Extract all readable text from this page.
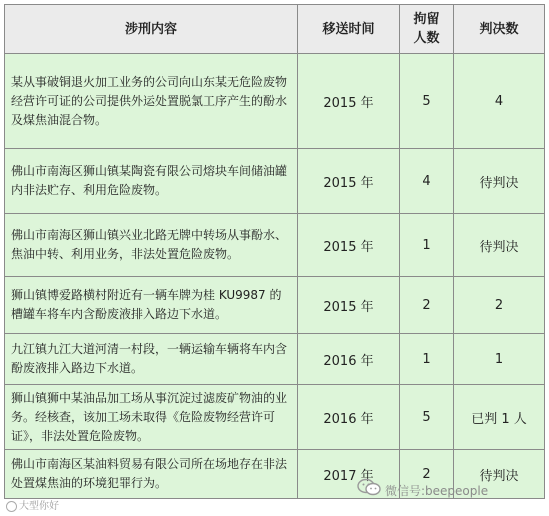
涉刑内容	移送时间	拘留人数	判决数
某从事破铜退火加工业务的公司向山东某无危险废物经营许可证的公司提供外运处置脱氯工序产生的酚水及煤焦油混合物。	2015 年	5	4
佛山市南海区狮山镇某陶瓷有限公司熔块车间储油罐内非法贮存、利用危险废物。	2015 年	4	待判决
佛山市南海区狮山镇兴业北路无牌中转场从事酚水、焦油中转、利用业务，非法处置危险废物。	2015 年	1	待判决
狮山镇博爱路横村附近有一辆车牌为桂 KU9987 的槽罐车将车内含酚废液排入路边下水道。	2015 年	2	2
九江镇九江大道河清一村段，一辆运输车辆将车内含酚废液排入路边下水道。	2016 年	1	1
狮山镇狮中某油品加工场从事沉淀过滤废矿物油的业务。经核查，该加工场未取得《危险废物经营许可证》，非法处置危险废物。	2016 年	5	已判 1 人
佛山市南海区某油料贸易有限公司所在场地存在非法处置煤焦油的环境犯罪行为。	2017 年	2	待判决
大型你好
微信号:beepeople
